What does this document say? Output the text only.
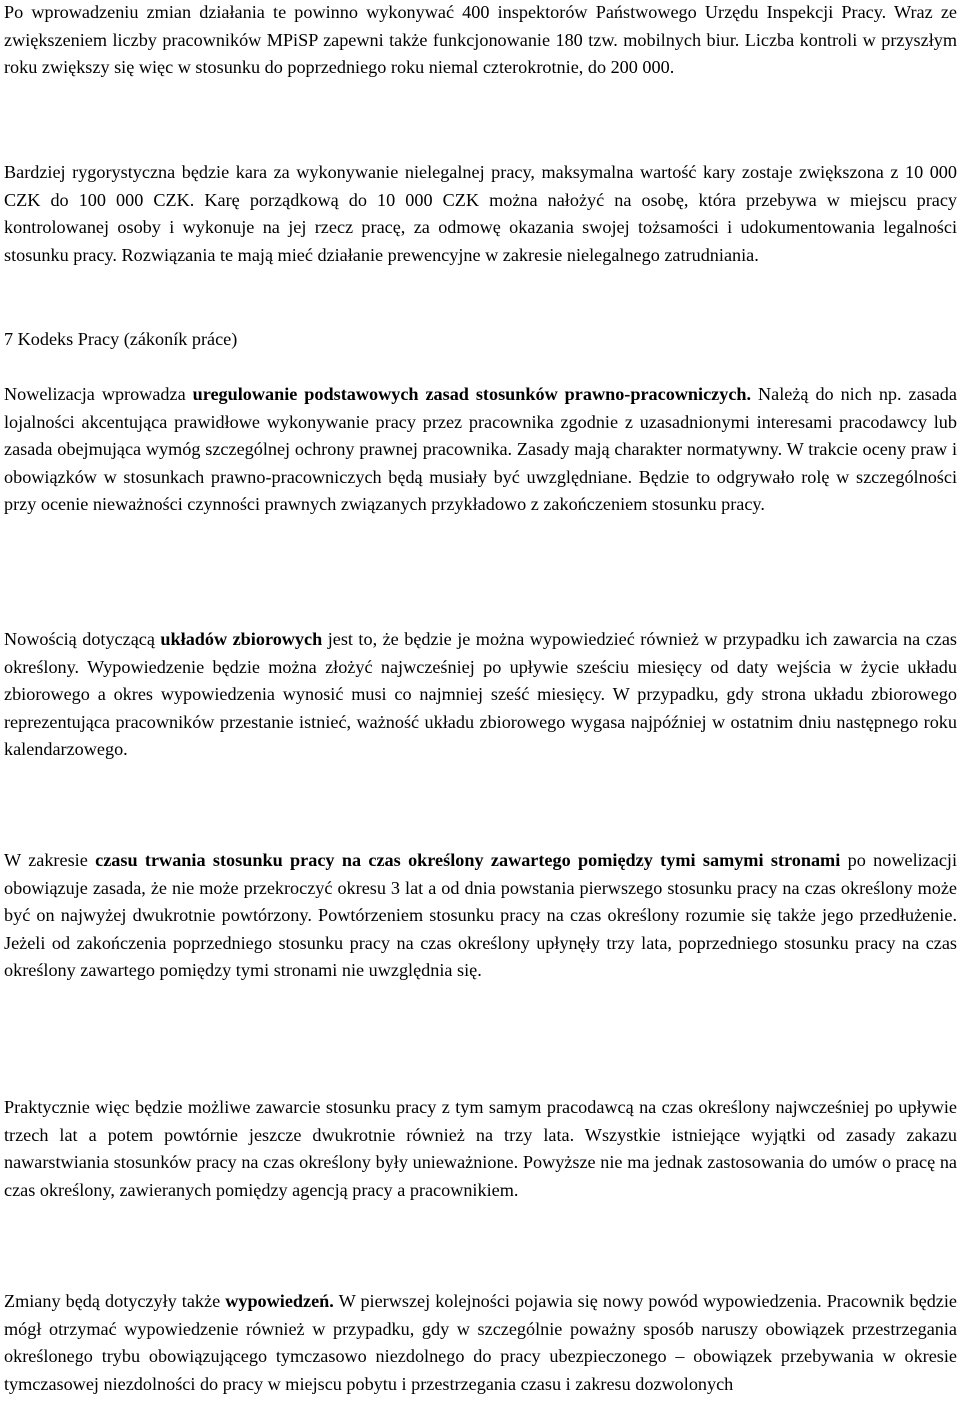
Po wprowadzeniu zmian działania te powinno wykonywać 400 inspektorów Państwowego Urzędu Inspekcji Pracy. Wraz ze zwiększeniem liczby pracowników MPiSP zapewni także funkcjonowanie 180 tzw. mobilnych biur. Liczba kontroli w przyszłym roku zwiększy się więc w stosunku do poprzedniego roku niemal czterokrotnie, do 200 000.

Bardziej rygorystyczna będzie kara za wykonywanie nielegalnej pracy, maksymalna wartość kary zostaje zwiększona z 10 000 CZK do 100 000 CZK. Karę porządkową do 10 000 CZK można nałożyć na osobę, która przebywa w miejscu pracy kontrolowanej osoby i wykonuje na jej rzecz pracę, za odmowę okazania swojej tożsamości i udokumentowania legalności stosunku pracy. Rozwiązania te mają mieć działanie prewencyjne w zakresie nielegalnego zatrudniania.

7 Kodeks Pracy (zákoník práce)

Nowelizacja wprowadza uregulowanie podstawowych zasad stosunków prawno-pracowniczych. Należą do nich np. zasada lojalności akcentująca prawidłowe wykonywanie pracy przez pracownika zgodnie z uzasadnionymi interesami pracodawcy lub zasada obejmująca wymóg szczególnej ochrony prawnej pracownika. Zasady mają charakter normatywny. W trakcie oceny praw i obowiązków w stosunkach prawno-pracowniczych będą musiały być uwzględniane. Będzie to odgrywało rolę w szczególności przy ocenie nieważności czynności prawnych związanych przykładowo z zakończeniem stosunku pracy.

Nowością dotyczącą układów zbiorowych jest to, że będzie je można wypowiedzieć również w przypadku ich zawarcia na czas określony. Wypowiedzenie będzie można złożyć najwcześniej po upływie sześciu miesięcy od daty wejścia w życie układu zbiorowego a okres wypowiedzenia wynosić musi co najmniej sześć miesięcy. W przypadku, gdy strona układu zbiorowego reprezentująca pracowników przestanie istnieć, ważność układu zbiorowego wygasa najpóźniej w ostatnim dniu następnego roku kalendarzowego.

W zakresie czasu trwania stosunku pracy na czas określony zawartego pomiędzy tymi samymi stronami po nowelizacji obowiązuje zasada, że nie może przekroczyć okresu 3 lat a od dnia powstania pierwszego stosunku pracy na czas określony może być on najwyżej dwukrotnie powtórzony. Powtórzeniem stosunku pracy na czas określony rozumie się także jego przedłużenie. Jeżeli od zakończenia poprzedniego stosunku pracy na czas określony upłynęły trzy lata, poprzedniego stosunku pracy na czas określony zawartego pomiędzy tymi stronami nie uwzględnia się.

Praktycznie więc będzie możliwe zawarcie stosunku pracy z tym samym pracodawcą na czas określony najwcześniej po upływie trzech lat a potem powtórnie jeszcze dwukrotnie również na trzy lata. Wszystkie istniejące wyjątki od zasady zakazu nawarstwiania stosunków pracy na czas określony były unieważnione. Powyższe nie ma jednak zastosowania do umów o pracę na czas określony, zawieranych pomiędzy agencją pracy a pracownikiem.

Zmiany będą dotyczyły także wypowiedzeń. W pierwszej kolejności pojawia się nowy powód wypowiedzenia. Pracownik będzie mógł otrzymać wypowiedzenie również w przypadku, gdy w szczególnie poważny sposób naruszy obowiązek przestrzegania określonego trybu obowiązującego tymczasowo niezdolnego do pracy ubezpieczonego – obowiązek przebywania w okresie tymczasowej niezdolności do pracy w miejscu pobytu i przestrzegania czasu i zakresu dozwolonych
